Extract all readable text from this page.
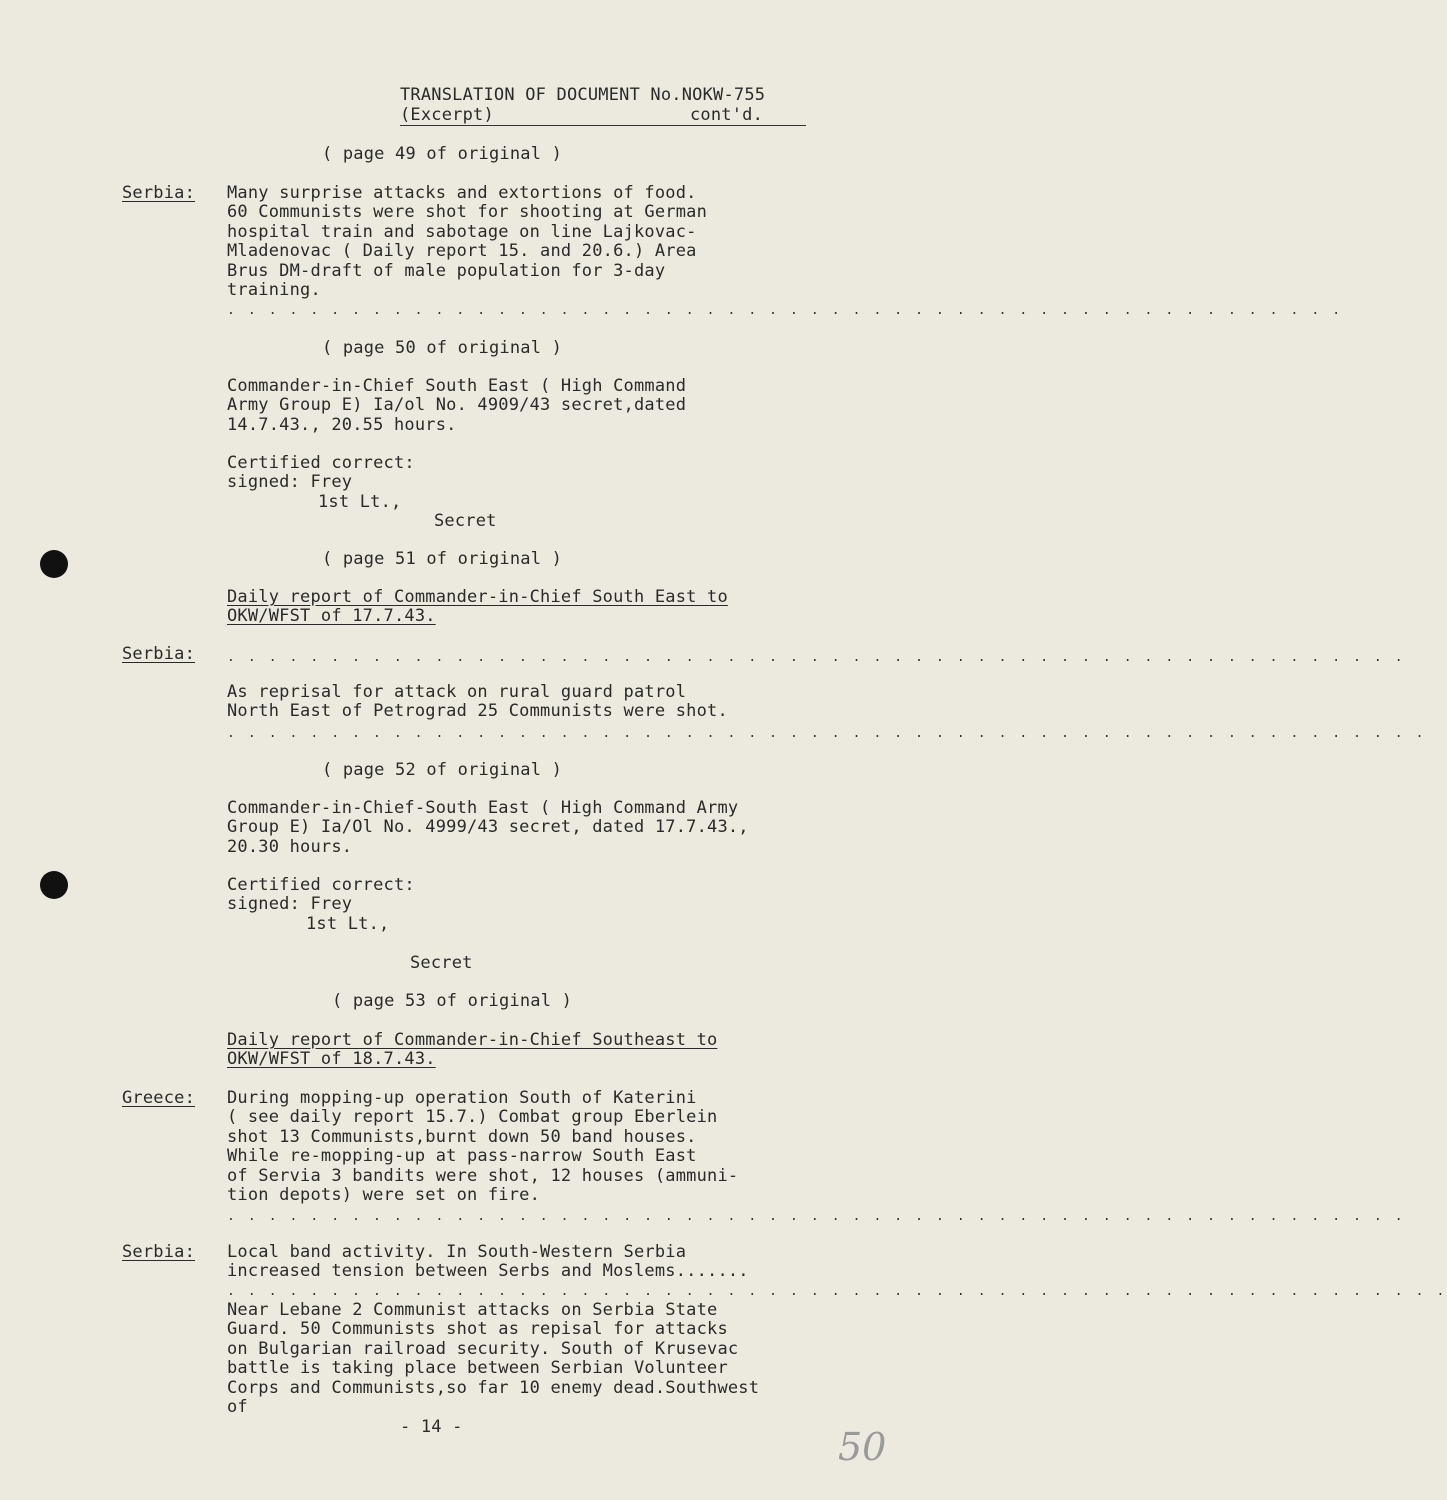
TRANSLATION OF DOCUMENT No.NOKW-755
(Excerpt)	cont'd.
( page 49 of original )
Serbia: Many surprise attacks and extortions of food.
60 Communists were shot for shooting at German
hospital train and sabotage on line Lajkovac-
Mladenovac ( Daily report 15. and 20.6.) Area
Brus DM-draft of male population for 3-day
training.
. . . . . . . . . . . . . . . . . . . . . . . . . . . . . . . . . . . . . . . . . . . . . . . . . . . . . .
( page 50 of original )
Commander-in-Chief South East ( High Command
Army Group E) Ia/ol No. 4909/43 secret,dated
14.7.43., 20.55 hours.
Certified correct:
signed: Frey
1st Lt.,
Secret
( page 51 of original )
Daily report of Commander-in-Chief South East to
OKW/WFST of 17.7.43.
Serbia: . . . . . . . . . . . . . . . . . . . . . . . . . . . . . . . . . . . . . . . . . . . . . . . . . . . . . . . . .
As reprisal for attack on rural guard patrol
North East of Petrograd 25 Communists were shot.
. . . . . . . . . . . . . . . . . . . . . . . . . . . . . . . . . . . . . . . . . . . . . . . . . . . . . . . . . .
( page 52 of original )
Commander-in-Chief-South East ( High Command Army
Group E) Ia/Ol No. 4999/43 secret, dated 17.7.43.,
20.30 hours.
Certified correct:
signed: Frey
1st Lt.,
Secret
( page 53 of original )
Daily report of Commander-in-Chief Southeast to
OKW/WFST of 18.7.43.
Greece: During mopping-up operation South of Katerini
( see daily report 15.7.) Combat group Eberlein
shot 13 Communists,burnt down 50 band houses.
While re-mopping-up at pass-narrow South East
of Servia 3 bandits were shot, 12 houses (ammuni-
tion depots) were set on fire.
. . . . . . . . . . . . . . . . . . . . . . . . . . . . . . . . . . . . . . . . . . . . . . . . . . . . . . . . .
Serbia: Local band activity. In South-Western Serbia
increased tension between Serbs and Moslems.......
. . . . . . . . . . . . . . . . . . . . . . . . . . . . . . . . . . . . . . . . . . . . . . . . . . . . . . . . . . .
Near Lebane 2 Communist attacks on Serbia State
Guard. 50 Communists shot as repisal for attacks
on Bulgarian railroad security. South of Krusevac
battle is taking place between Serbian Volunteer
Corps and Communists,so far 10 enemy dead.Southwest
of
- 14 -	50
